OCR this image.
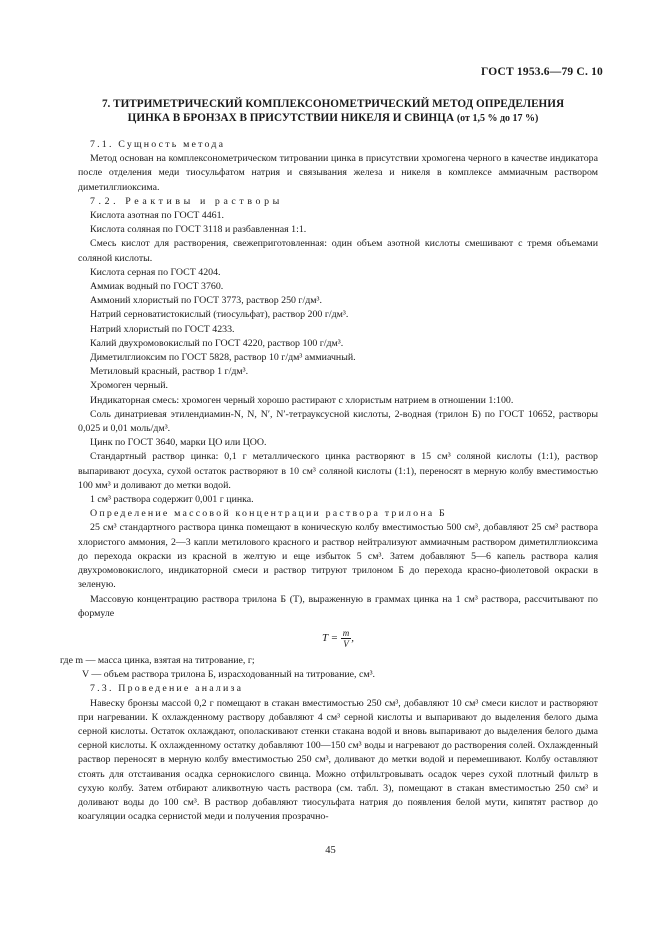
ГОСТ 1953.6—79 С. 10
7. ТИТРИМЕТРИЧЕСКИЙ КОМПЛЕКСОНОМЕТРИЧЕСКИЙ МЕТОД ОПРЕДЕЛЕНИЯ
ЦИНКА В БРОНЗАХ В ПРИСУТСТВИИ НИКЕЛЯ И СВИНЦА (от 1,5 % до 17 %)

7.1. Сущность метода

Метод основан на комплексонометрическом титровании цинка в присутствии хромогена черного в качестве индикатора после отделения меди тиосульфатом натрия и связывания железа и никеля в комплексе аммиачным раствором диметилглиоксима.

7.2. Реактивы и растворы

Кислота азотная по ГОСТ 4461.

Кислота соляная по ГОСТ 3118 и разбавленная 1:1.

Смесь кислот для растворения, свежеприготовленная: один объем азотной кислоты смешивают с тремя объемами соляной кислоты.

Кислота серная по ГОСТ 4204.

Аммиак водный по ГОСТ 3760.

Аммоний хлористый по ГОСТ 3773, раствор 250 г/дм³.

Натрий серноватистокислый (тиосульфат), раствор 200 г/дм³.

Натрий хлористый по ГОСТ 4233.

Калий двухромовокислый по ГОСТ 4220, раствор 100 г/дм³.

Диметилглиоксим по ГОСТ 5828, раствор 10 г/дм³ аммиачный.

Метиловый красный, раствор 1 г/дм³.

Хромоген черный.

Индикаторная смесь: хромоген черный хорошо растирают с хлористым натрием в отношении 1:100.

Соль динатриевая этилендиамин-N, N, N′, N′-тетрауксусной кислоты, 2-водная (трилон Б) по ГОСТ 10652, растворы 0,025 и 0,01 моль/дм³.

Цинк по ГОСТ 3640, марки ЦО или ЦОО.

Стандартный раствор цинка: 0,1 г металлического цинка растворяют в 15 см³ соляной кислоты (1:1), раствор выпаривают досуха, сухой остаток растворяют в 10 см³ соляной кислоты (1:1), переносят в мерную колбу вместимостью 100 мм³ и доливают до метки водой.

1 см³ раствора содержит 0,001 г цинка.

Определение массовой концентрации раствора трилона Б

25 см³ стандартного раствора цинка помещают в коническую колбу вместимостью 500 см³, добавляют 25 см³ раствора хлористого аммония, 2—3 капли метилового красного и раствор нейтрализуют аммиачным раствором диметилглиоксима до перехода окраски из красной в желтую и еще избыток 5 см³. Затем добавляют 5—6 капель раствора калия двухромовокислого, индикаторной смеси и раствор титруют трилоном Б до перехода красно-фиолетовой окраски в зеленую.

Массовую концентрацию раствора трилона Б (Т), выраженную в граммах цинка на 1 см³ раствора, рассчитывают по формуле

$T = \frac{m}{V}$ ,

где m — масса цинка, взятая на титрование, г;

V — объем раствора трилона Б, израсходованный на титрование, см³.

7.3. Проведение анализа

Навеску бронзы массой 0,2 г помещают в стакан вместимостью 250 см³, добавляют 10 см³ смеси кислот и растворяют при нагревании. К охлажденному раствору добавляют 4 см³ серной кислоты и выпаривают до выделения белого дыма серной кислоты. Остаток охлаждают, ополаскивают стенки стакана водой и вновь выпаривают до выделения белого дыма серной кислоты. К охлажденному остатку добавляют 100—150 см³ воды и нагревают до растворения солей. Охлажденный раствор переносят в мерную колбу вместимостью 250 см³, доливают до метки водой и перемешивают. Колбу оставляют стоять для отстаивания осадка сернокислого свинца. Можно отфильтровывать осадок через сухой плотный фильтр в сухую колбу. Затем отбирают аликвотную часть раствора (см. табл. 3), помещают в стакан вместимостью 250 см³ и доливают воды до 100 см³. В раствор добавляют тиосульфата натрия до появления белой мути, кипятят раствор до коагуляции осадка сернистой меди и получения прозрачно-

45
